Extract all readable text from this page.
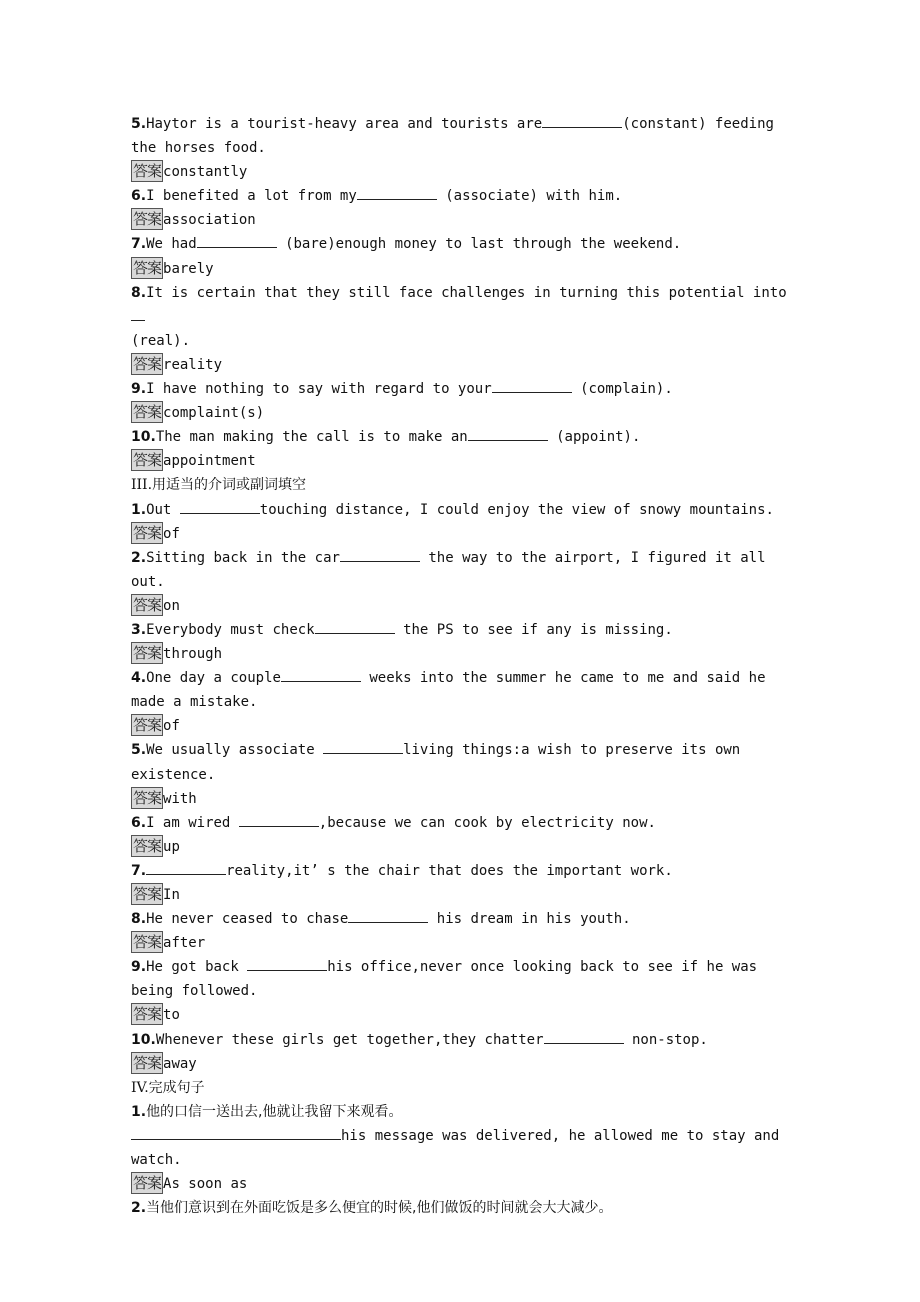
5.Haytor is a tourist-heavy area and tourists are	(constant) feeding the horses food.
答案 constantly
6.I benefited a lot from my	(associate) with him.
答案 association
7.We had	(bare)enough money to last through the weekend.
答案 barely
8.It is certain that they still face challenges in turning this potential into
(real).
答案 reality
9.I have nothing to say with regard to your	(complain).
答案 complaint(s)
10.The man making the call is to make an	(appoint).
答案 appointment
III.用适当的介词或副词填空
1.Out	touching distance, I could enjoy the view of snowy mountains.
答案 of
2.Sitting back in the car	the way to the airport, I figured it all out.
答案 on
3.Everybody must check	the PS to see if any is missing.
答案 through
4.One day a couple	weeks into the summer he came to me and said he made a mistake.
答案 of
5.We usually associate	living things:a wish to preserve its own existence.
答案 with
6.I am wired	,because we can cook by electricity now.
答案 up
7.	reality,it’ s the chair that does the important work.
答案 In
8.He never ceased to chase	his dream in his youth.
答案 after
9.He got back	his office,never once looking back to see if he was being followed.
答案 to
10.Whenever these girls get together,they chatter	non-stop.
答案 away
IV.完成句子
1.他的口信一送出去,他就让我留下来观看。
his message was delivered, he allowed me to stay and watch.
答案 As soon as
2.当他们意识到在外面吃饭是多么便宜的时候,他们做饭的时间就会大大减少。
